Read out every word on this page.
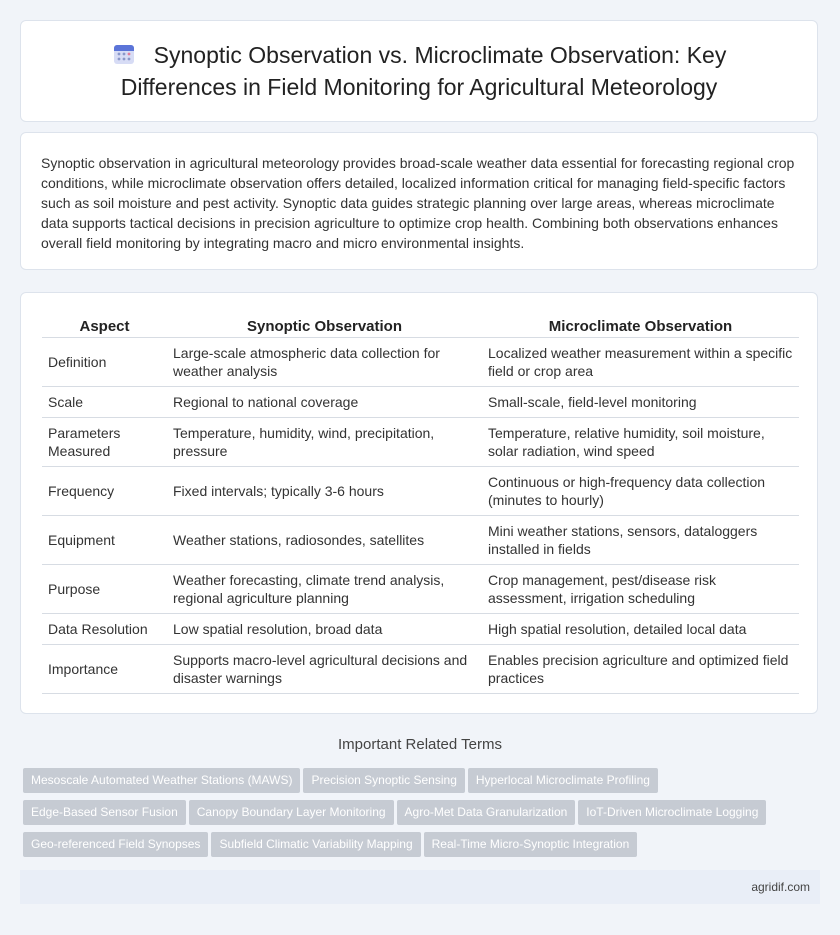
Synoptic Observation vs. Microclimate Observation: Key Differences in Field Monitoring for Agricultural Meteorology

Synoptic observation in agricultural meteorology provides broad-scale weather data essential for forecasting regional crop conditions, while microclimate observation offers detailed, localized information critical for managing field-specific factors such as soil moisture and pest activity. Synoptic data guides strategic planning over large areas, whereas microclimate data supports tactical decisions in precision agriculture to optimize crop health. Combining both observations enhances overall field monitoring by integrating macro and micro environmental insights.

Aspect	Synoptic Observation	Microclimate Observation
Definition	Large-scale atmospheric data collection for weather analysis	Localized weather measurement within a specific field or crop area
Scale	Regional to national coverage	Small-scale, field-level monitoring
Parameters Measured	Temperature, humidity, wind, precipitation, pressure	Temperature, relative humidity, soil moisture, solar radiation, wind speed
Frequency	Fixed intervals; typically 3-6 hours	Continuous or high-frequency data collection (minutes to hourly)
Equipment	Weather stations, radiosondes, satellites	Mini weather stations, sensors, dataloggers installed in fields
Purpose	Weather forecasting, climate trend analysis, regional agriculture planning	Crop management, pest/disease risk assessment, irrigation scheduling
Data Resolution	Low spatial resolution, broad data	High spatial resolution, detailed local data
Importance	Supports macro-level agricultural decisions and disaster warnings	Enables precision agriculture and optimized field practices
Important Related Terms
Mesoscale Automated Weather Stations (MAWS) Precision Synoptic Sensing Hyperlocal Microclimate Profiling
Edge-Based Sensor Fusion Canopy Boundary Layer Monitoring Agro-Met Data Granularization IoT-Driven Microclimate Logging
Geo-referenced Field Synopses Subfield Climatic Variability Mapping Real-Time Micro-Synoptic Integration
agridif.com
